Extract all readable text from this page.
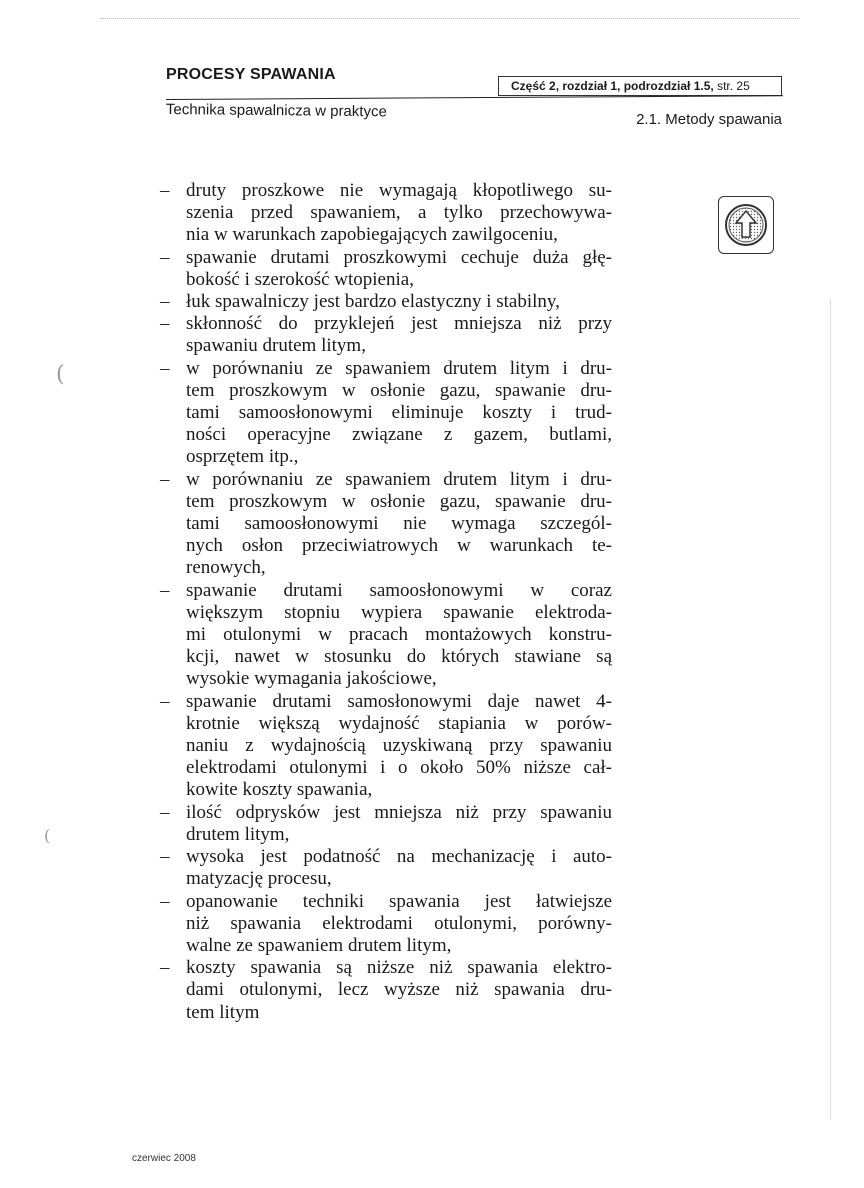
PROCESY SPAWANIA
Część 2, rozdział 1, podrozdział 1.5, str. 25
Technika spawalnicza w praktyce	2.1. Metody spawania
(
(
– druty proszkowe nie wymagają kłopotliwego su-
szenia przed spawaniem, a tylko przechowywa-
nia w warunkach zapobiegających zawilgoceniu,
– spawanie drutami proszkowymi cechuje duża głę-
bokość i szerokość wtopienia,
– łuk spawalniczy jest bardzo elastyczny i stabilny,
– skłonność do przyklejeń jest mniejsza niż przy
spawaniu drutem litym,
– w porównaniu ze spawaniem drutem litym i dru-
tem proszkowym w osłonie gazu, spawanie dru-
tami samoosłonowymi eliminuje koszty i trud-
ności operacyjne związane z gazem, butlami,
osprzętem itp.,
– w porównaniu ze spawaniem drutem litym i dru-
tem proszkowym w osłonie gazu, spawanie dru-
tami samoosłonowymi nie wymaga szczegól-
nych osłon przeciwiatrowych w warunkach te-
renowych,
– spawanie drutami samoosłonowymi w coraz
większym stopniu wypiera spawanie elektroda-
mi otulonymi w pracach montażowych konstru-
kcji, nawet w stosunku do których stawiane są
wysokie wymagania jakościowe,
– spawanie drutami samosłonowymi daje nawet 4-
krotnie większą wydajność stapiania w porów-
naniu z wydajnością uzyskiwaną przy spawaniu
elektrodami otulonymi i o około 50% niższe cał-
kowite koszty spawania,
– ilość odprysków jest mniejsza niż przy spawaniu
drutem litym,
– wysoka jest podatność na mechanizację i auto-
matyzację procesu,
– opanowanie techniki spawania jest łatwiejsze
niż spawania elektrodami otulonymi, porówny-
walne ze spawaniem drutem litym,
– koszty spawania są niższe niż spawania elektro-
dami otulonymi, lecz wyższe niż spawania dru-
tem litym
czerwiec 2008
